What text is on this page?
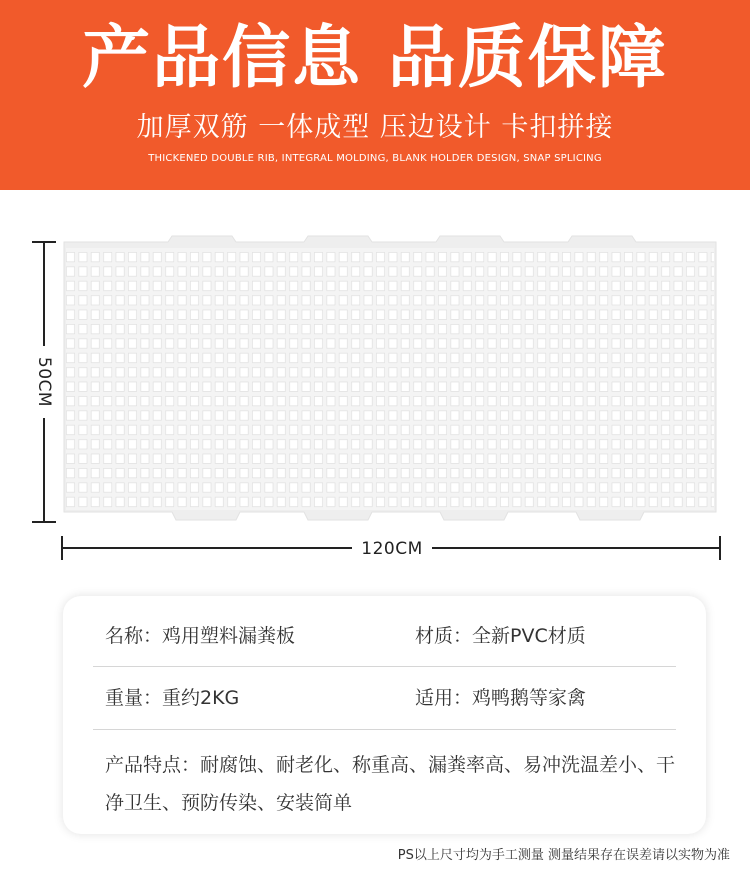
产品信息 品质保障
加厚双筋 一体成型 压边设计 卡扣拼接
THICKENED DOUBLE RIB, INTEGRAL MOLDING, BLANK HOLDER DESIGN, SNAP SPLICING
120CM
50CM
名称：鸡用塑料漏粪板	材质：全新PVC材质
重量：重约2KG	适用：鸡鸭鹅等家禽
产品特点：耐腐蚀、耐老化、称重高、漏粪率高、易冲洗温差小、干净卫生、预防传染、安装简单
PS以上尺寸均为手工测量 测量结果存在误差请以实物为准
